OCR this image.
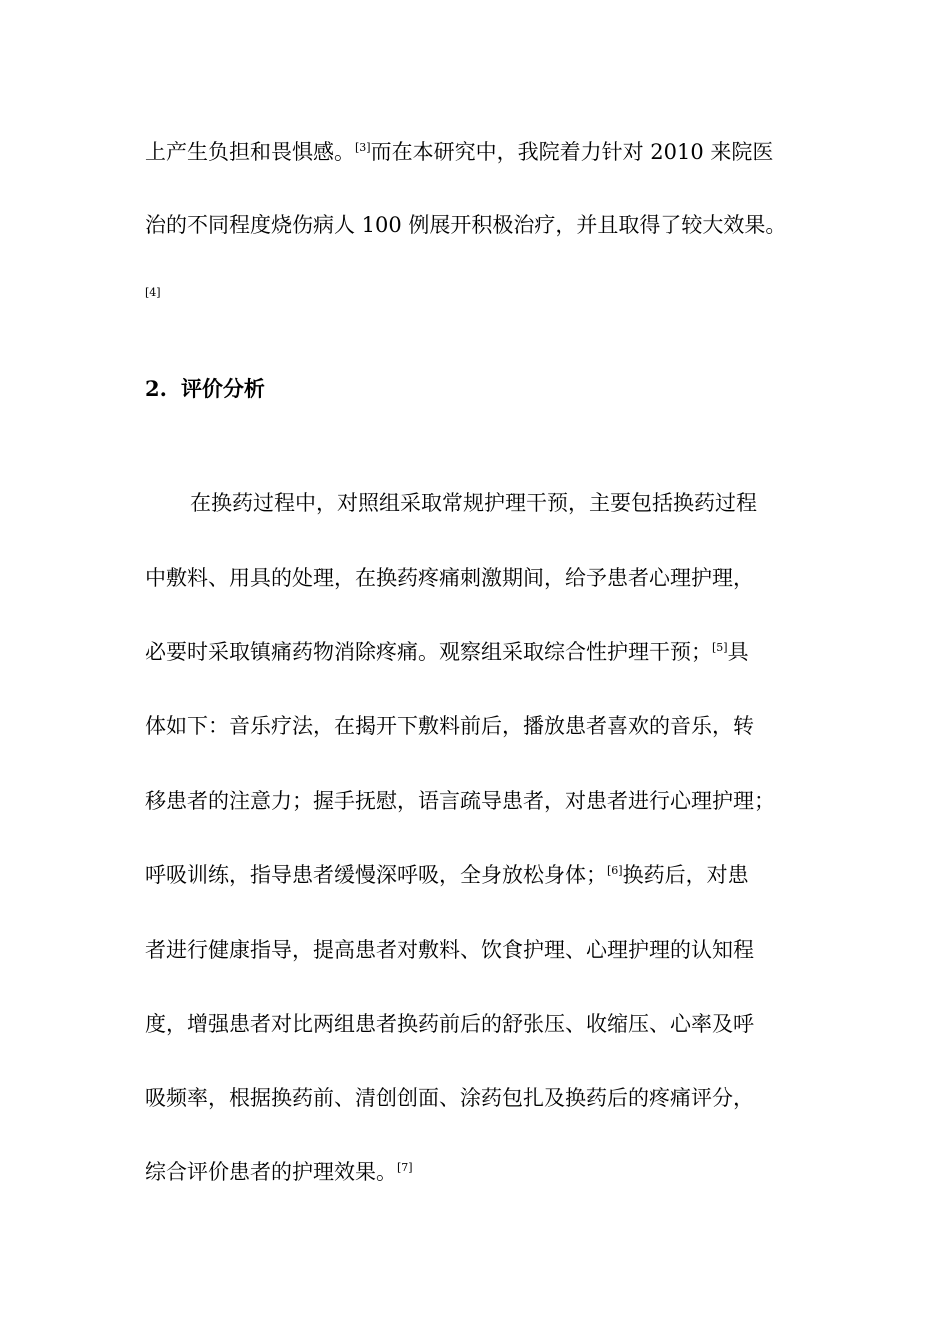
上产生负担和畏惧感。[3]而在本研究中，我院着力针对 2010 来院医
治的不同程度烧伤病人 100 例展开积极治疗，并且取得了较大效果。
[4]
2. 评价分析
在换药过程中，对照组采取常规护理干预，主要包括换药过程
中敷料、用具的处理，在换药疼痛刺激期间，给予患者心理护理，
必要时采取镇痛药物消除疼痛。观察组采取综合性护理干预；[5]具
体如下：音乐疗法，在揭开下敷料前后，播放患者喜欢的音乐，转
移患者的注意力；握手抚慰，语言疏导患者，对患者进行心理护理；
呼吸训练，指导患者缓慢深呼吸，全身放松身体；[6]换药后，对患
者进行健康指导，提高患者对敷料、饮食护理、心理护理的认知程
度，增强患者对比两组患者换药前后的舒张压、收缩压、心率及呼
吸频率，根据换药前、清创创面、涂药包扎及换药后的疼痛评分，
综合评价患者的护理效果。[7]
